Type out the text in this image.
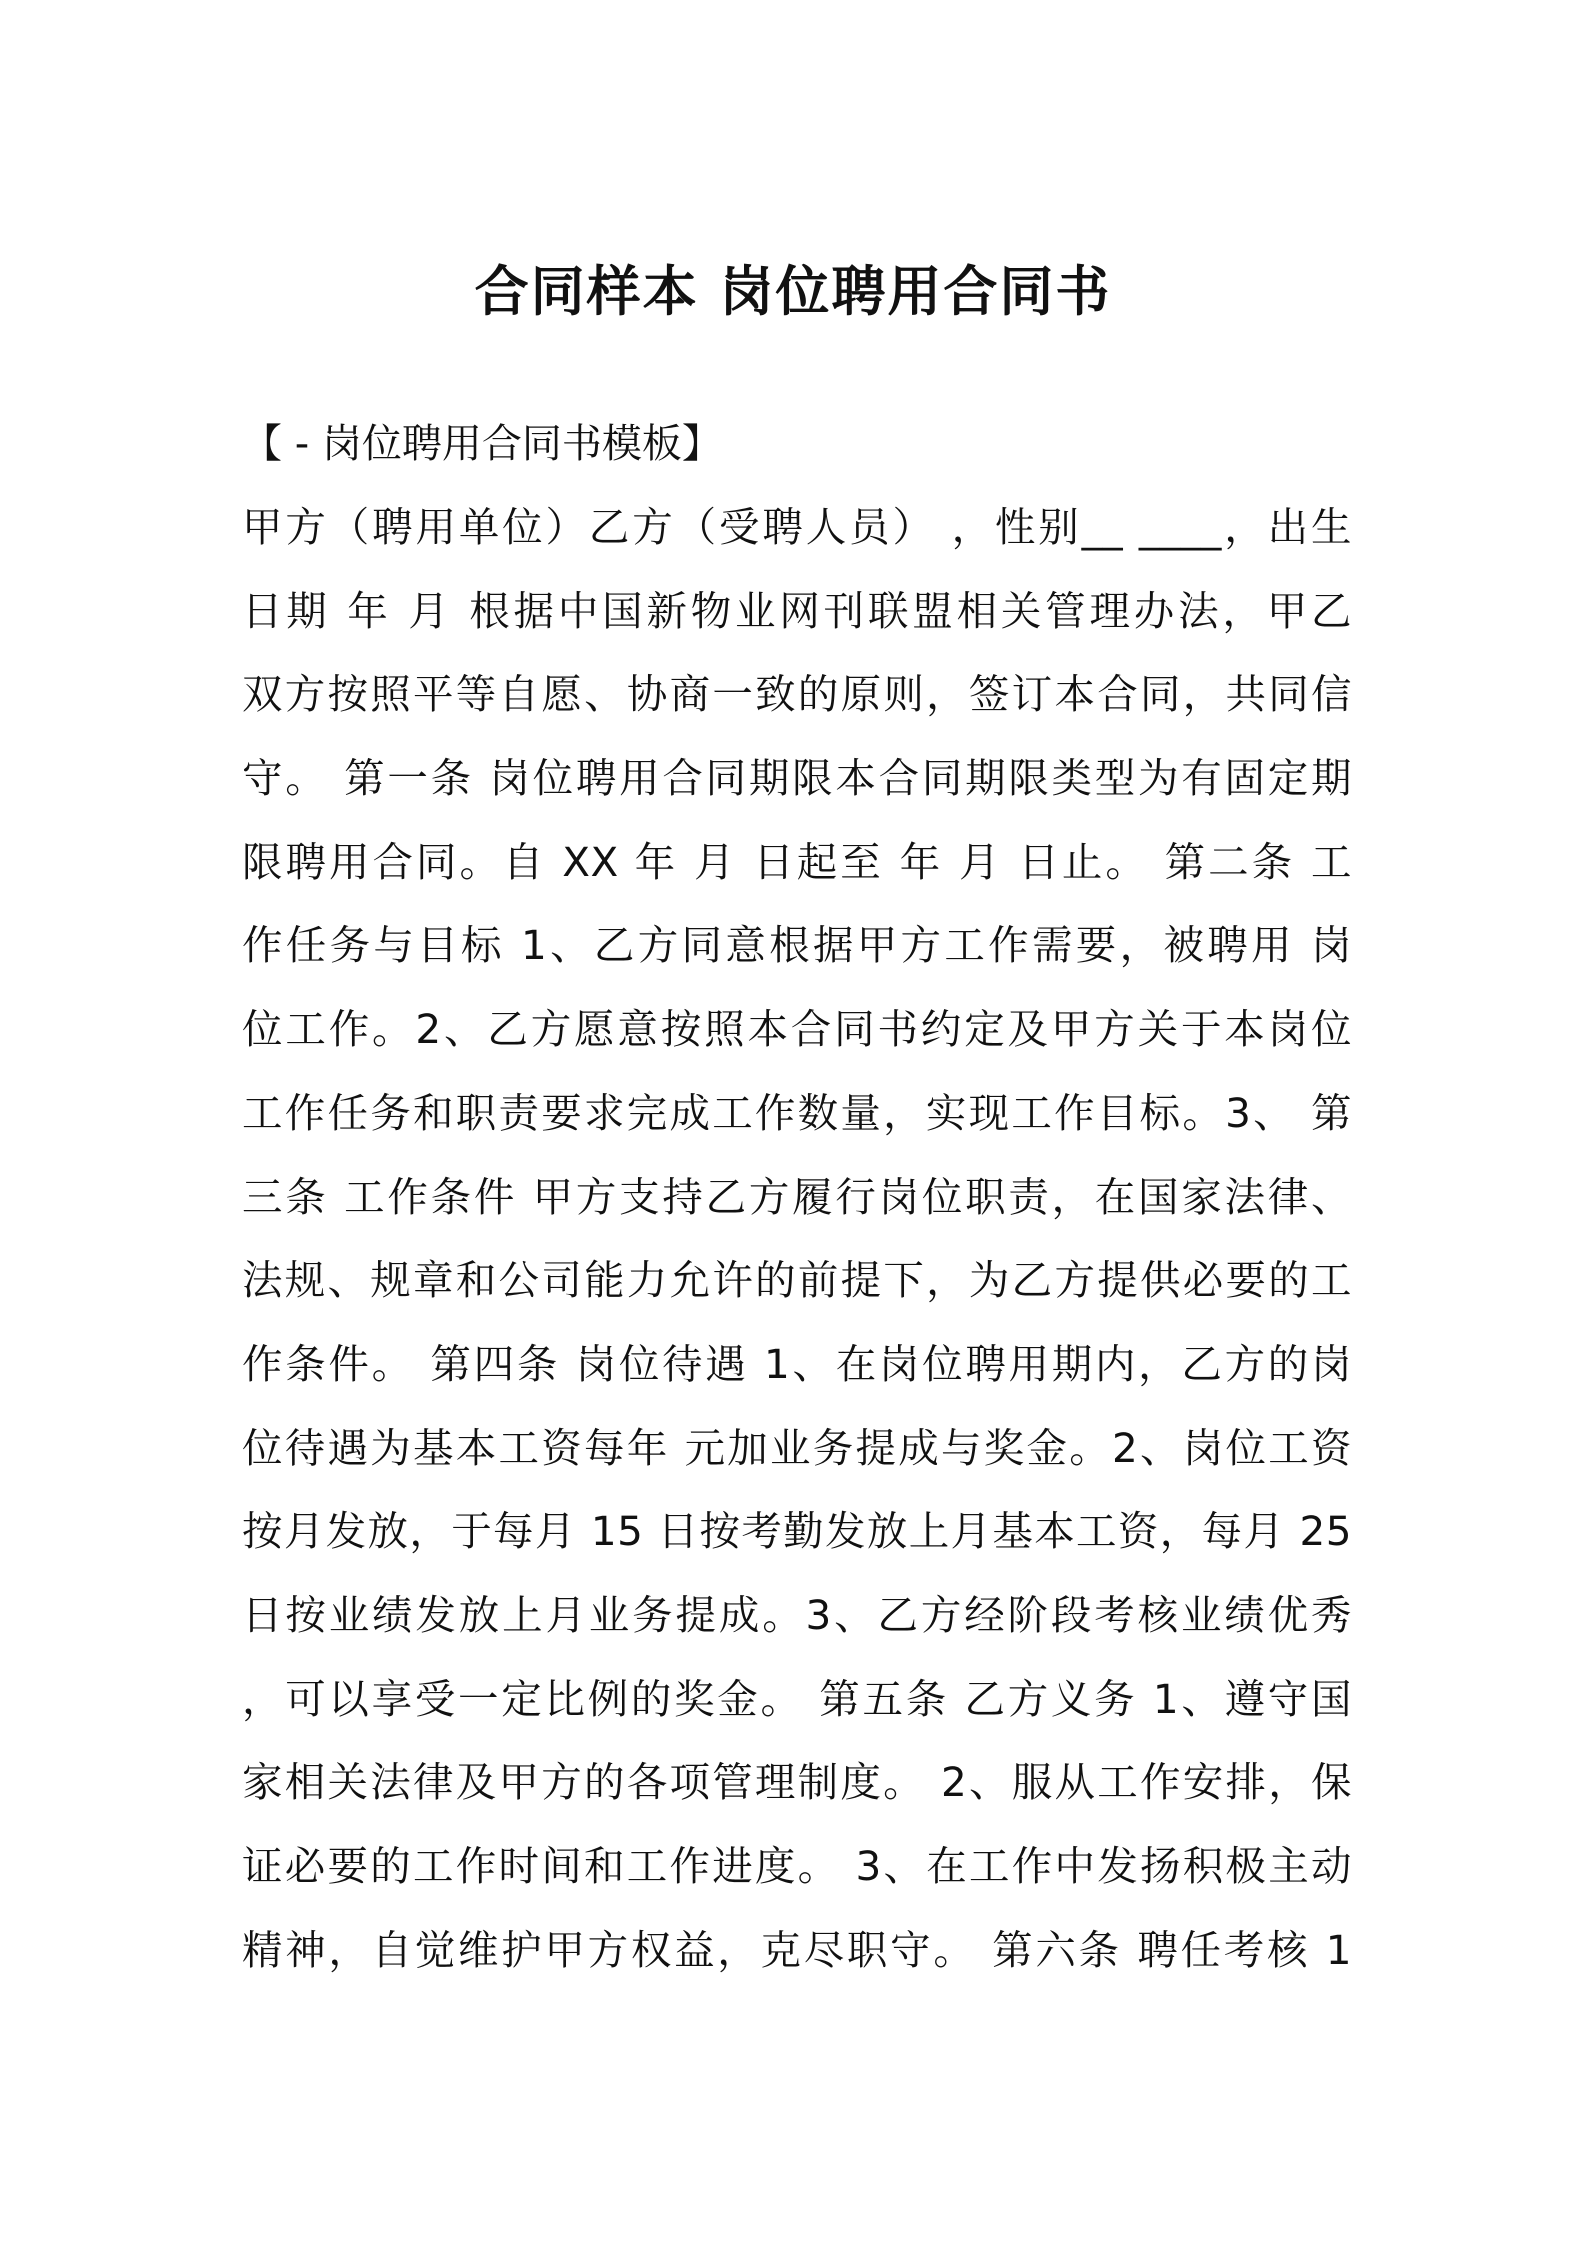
合同样本 岗位聘用合同书
【 - 岗位聘用合同书模板】
甲方（聘用单位）乙方（受聘人员） ，性别__ ____，出生
日期 年 月 根据中国新物业网刊联盟相关管理办法，甲乙
双方按照平等自愿、协商一致的原则，签订本合同，共同信
守。 第一条 岗位聘用合同期限本合同期限类型为有固定期
限聘用合同。自 XX 年 月 日起至 年 月 日止。 第二条 工
作任务与目标 1、乙方同意根据甲方工作需要，被聘用 岗
位工作。2、乙方愿意按照本合同书约定及甲方关于本岗位
工作任务和职责要求完成工作数量，实现工作目标。3、 第
三条 工作条件 甲方支持乙方履行岗位职责，在国家法律、
法规、规章和公司能力允许的前提下，为乙方提供必要的工
作条件。 第四条 岗位待遇 1、在岗位聘用期内，乙方的岗
位待遇为基本工资每年 元加业务提成与奖金。2、岗位工资
按月发放，于每月 15 日按考勤发放上月基本工资，每月 25
日按业绩发放上月业务提成。3、乙方经阶段考核业绩优秀
，可以享受一定比例的奖金。 第五条 乙方义务 1、遵守国
家相关法律及甲方的各项管理制度。 2、服从工作安排，保
证必要的工作时间和工作进度。 3、在工作中发扬积极主动
精神，自觉维护甲方权益，克尽职守。 第六条 聘任考核 1
